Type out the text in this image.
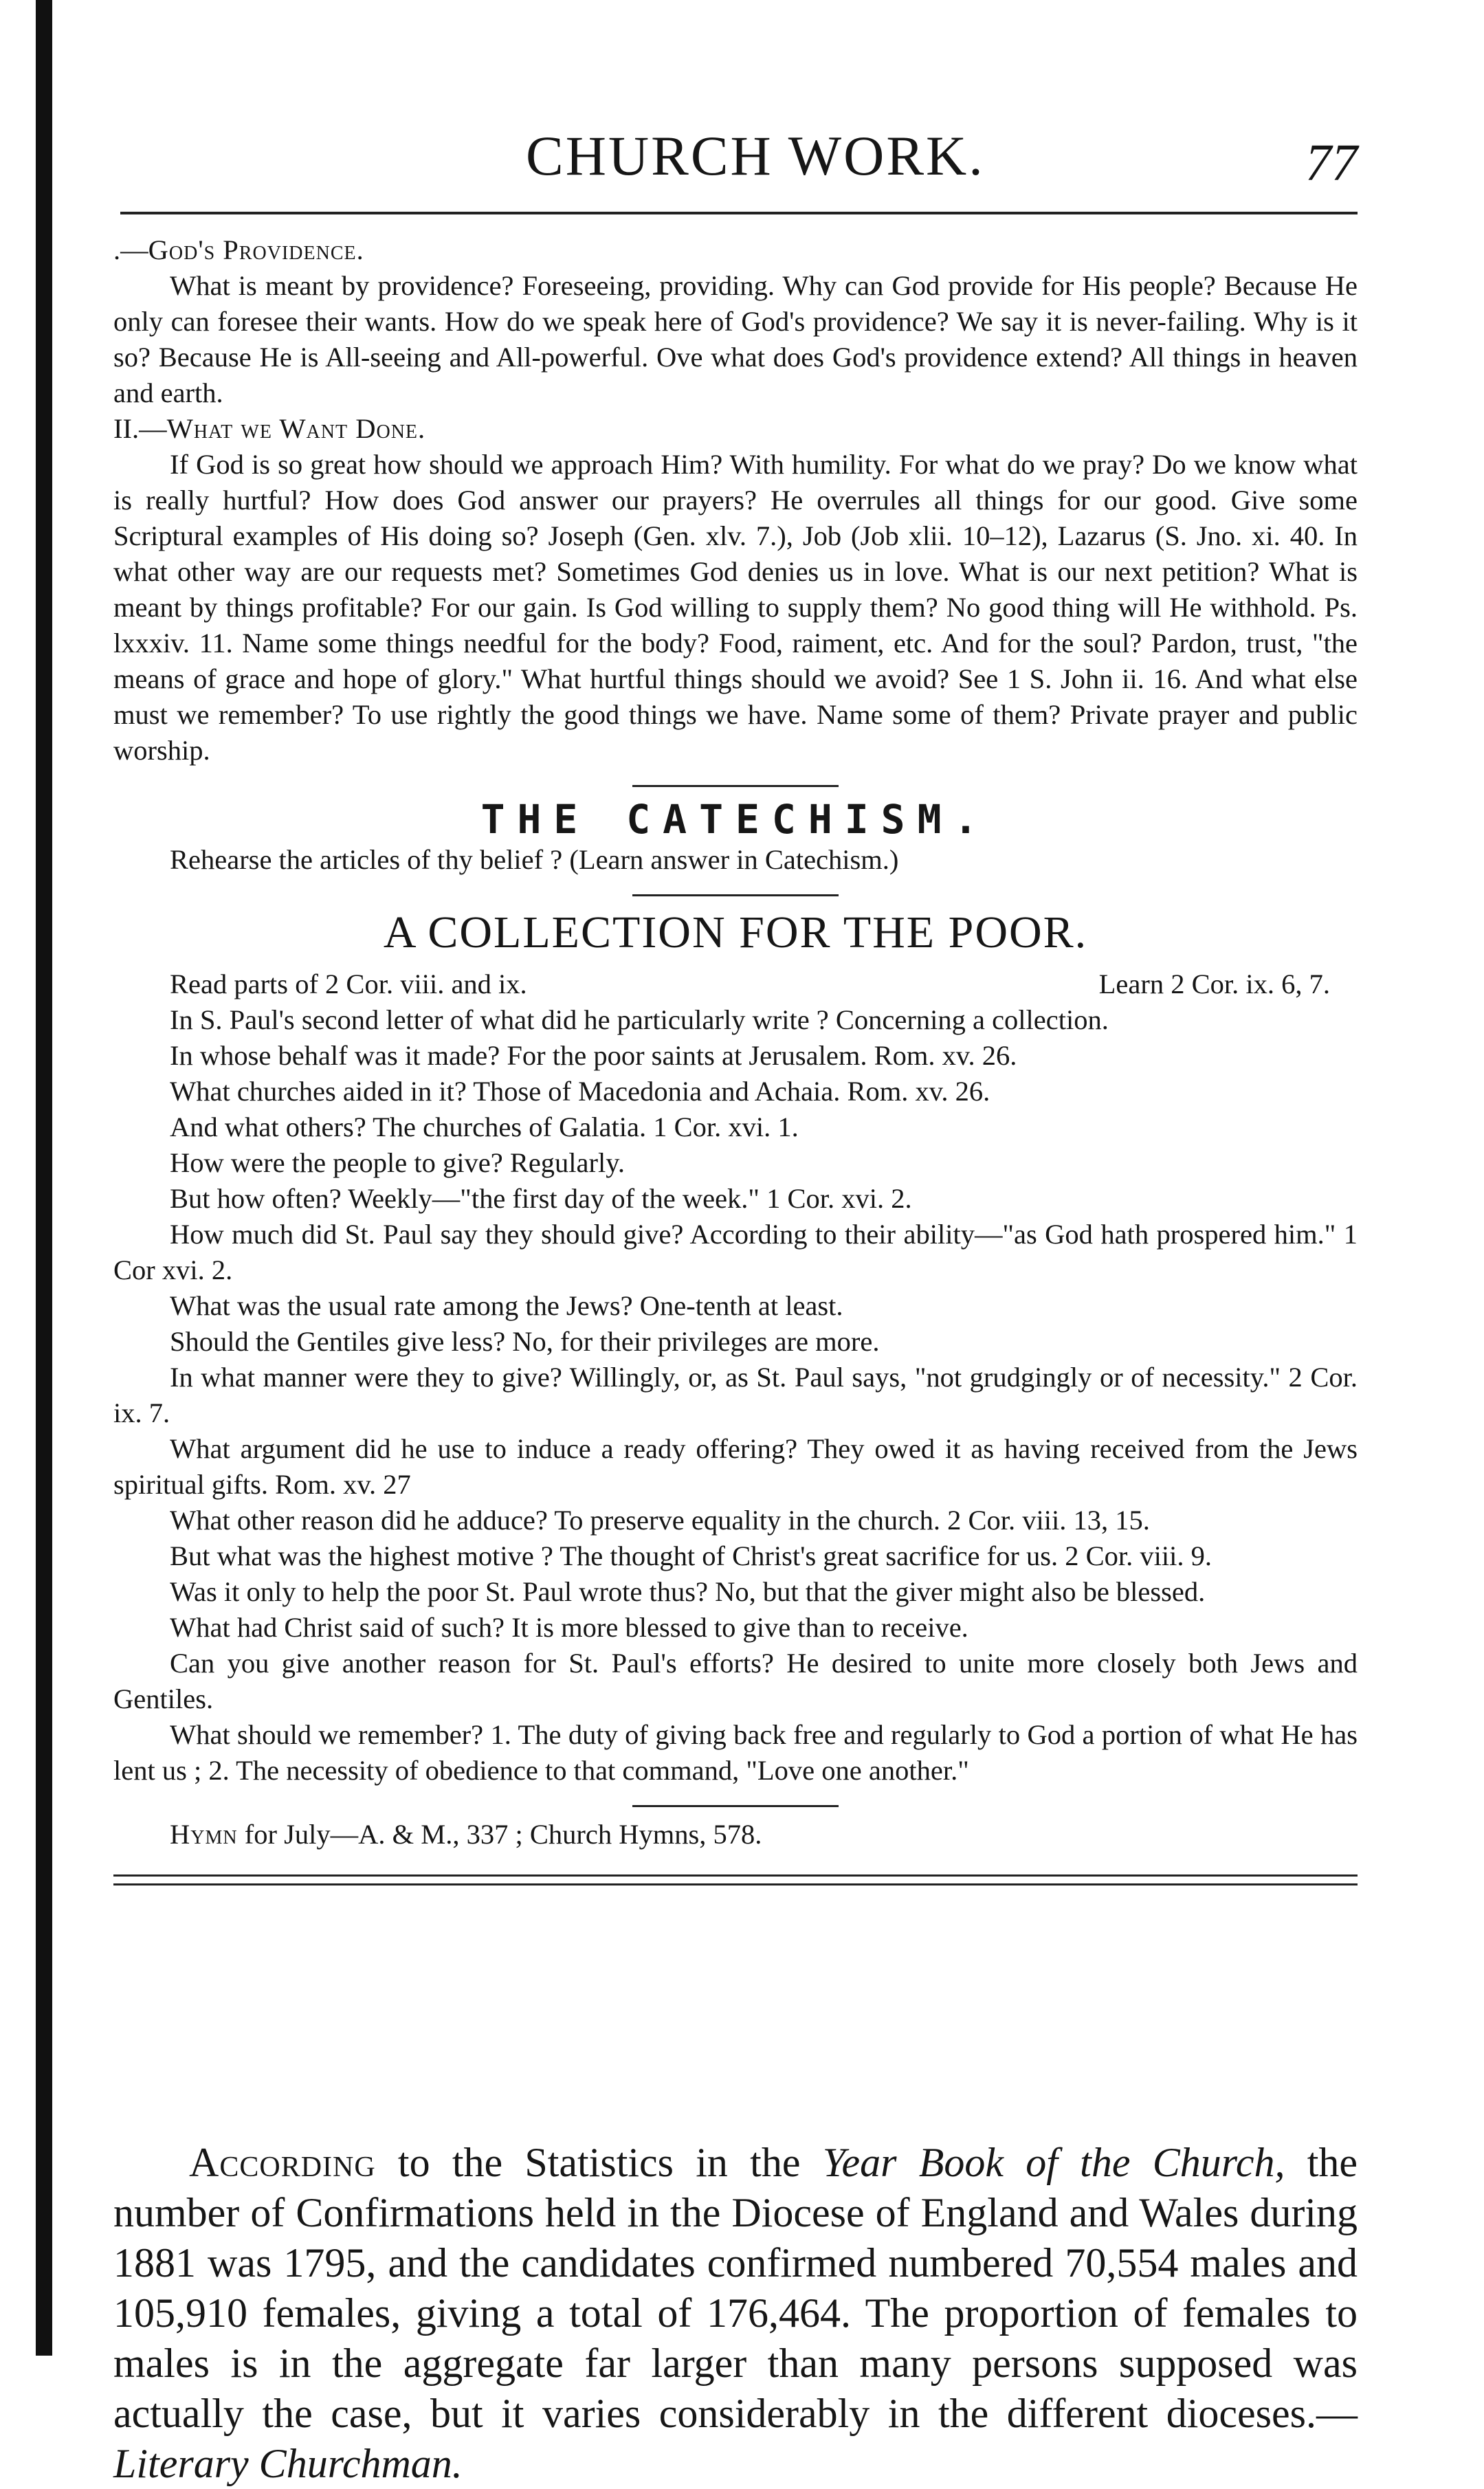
CHURCH WORK.	77

.—God's Providence.

What is meant by providence? Foreseeing, providing. Why can God provide for His people? Because He only can foresee their wants. How do we speak here of God's providence? We say it is never-failing. Why is it so? Because He is All-seeing and All-powerful. Ove what does God's providence extend? All things in heaven and earth.

II.—What we Want Done.

If God is so great how should we approach Him? With humility. For what do we pray? Do we know what is really hurtful? How does God answer our prayers? He overrules all things for our good. Give some Scriptural examples of His doing so? Joseph (Gen. xlv. 7.), Job (Job xlii. 10–12), Lazarus (S. Jno. xi. 40. In what other way are our requests met? Sometimes God denies us in love. What is our next petition? What is meant by things profitable? For our gain. Is God willing to supply them? No good thing will He withhold. Ps. lxxxiv. 11. Name some things needful for the body? Food, raiment, etc. And for the soul? Pardon, trust, "the means of grace and hope of glory." What hurtful things should we avoid? See 1 S. John ii. 16. And what else must we remember? To use rightly the good things we have. Name some of them? Private prayer and public worship.

THE CATECHISM.

Rehearse the articles of thy belief ? (Learn answer in Catechism.)

A COLLECTION FOR THE POOR.
Read parts of 2 Cor. viii. and ix.	Learn 2 Cor. ix. 6, 7.
In S. Paul's second letter of what did he particularly write ? Concerning a collection.
In whose behalf was it made? For the poor saints at Jerusalem. Rom. xv. 26.
What churches aided in it? Those of Macedonia and Achaia. Rom. xv. 26.
And what others? The churches of Galatia. 1 Cor. xvi. 1.
How were the people to give? Regularly.
But how often? Weekly—"the first day of the week." 1 Cor. xvi. 2.
How much did St. Paul say they should give? According to their ability—"as God hath prospered him." 1 Cor xvi. 2.
What was the usual rate among the Jews? One-tenth at least.
Should the Gentiles give less? No, for their privileges are more.
In what manner were they to give? Willingly, or, as St. Paul says, "not grudgingly or of necessity." 2 Cor. ix. 7.
What argument did he use to induce a ready offering? They owed it as having received from the Jews spiritual gifts. Rom. xv. 27
What other reason did he adduce? To preserve equality in the church. 2 Cor. viii. 13, 15.
But what was the highest motive ? The thought of Christ's great sacrifice for us. 2 Cor. viii. 9.
Was it only to help the poor St. Paul wrote thus? No, but that the giver might also be blessed.
What had Christ said of such? It is more blessed to give than to receive.
Can you give another reason for St. Paul's efforts? He desired to unite more closely both Jews and Gentiles.
What should we remember? 1. The duty of giving back free and regularly to God a portion of what He has lent us ; 2. The necessity of obedience to that command, "Love one another."

Hymn for July—A. & M., 337 ; Church Hymns, 578.

According to the Statistics in the Year Book of the Church, the number of Confirmations held in the Diocese of England and Wales during 1881 was 1795, and the candidates confirmed numbered 70,554 males and 105,910 females, giving a total of 176,464. The proportion of females to males is in the aggregate far larger than many persons supposed was actually the case, but it varies considerably in the different dioceses.—Literary Churchman.
